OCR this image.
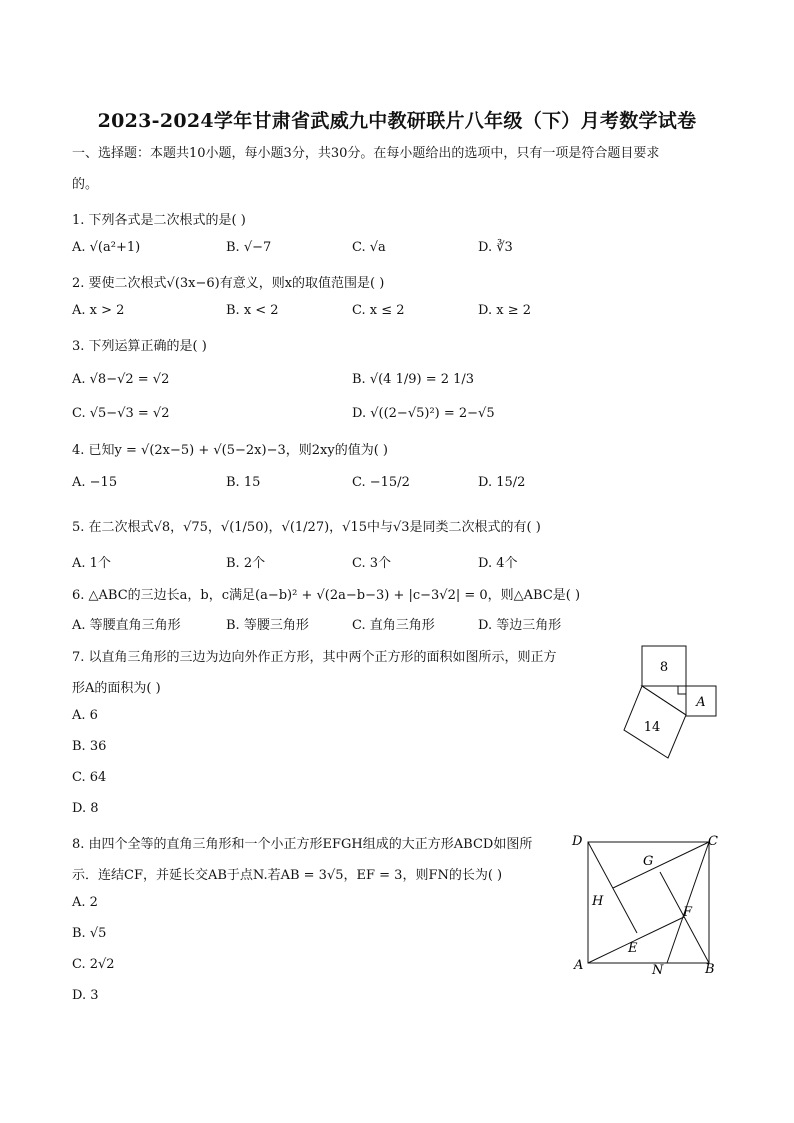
2023-2024学年甘肃省武威九中教研联片八年级（下）月考数学试卷
一、选择题：本题共10小题，每小题3分，共30分。在每小题给出的选项中，只有一项是符合题目要求
的。
1. 下列各式是二次根式的是( )
A. √(a²+1)	B. √−7	C. √a	D. ∛3
2. 要使二次根式√(3x−6)有意义，则x的取值范围是( )
A. x > 2	B. x < 2	C. x ≤ 2	D. x ≥ 2
3. 下列运算正确的是( )
A. √8−√2 = √2	B. √(4 1/9) = 2 1/3
C. √5−√3 = √2	D. √((2−√5)²) = 2−√5
4. 已知y = √(2x−5) + √(5−2x)−3，则2xy的值为( )
A. −15	B. 15	C. −15/2	D. 15/2
5. 在二次根式√8，√75，√(1/50)，√(1/27)，√15中与√3是同类二次根式的有( )
A. 1个	B. 2个	C. 3个	D. 4个
6. △ABC的三边长a，b，c满足(a−b)² + √(2a−b−3) + |c−3√2| = 0，则△ABC是( )
A. 等腰直角三角形	B. 等腰三角形	C. 直角三角形	D. 等边三角形
7. 以直角三角形的三边为边向外作正方形，其中两个正方形的面积如图所示，则正方
形A的面积为( )
A. 6
B. 36
C. 64
D. 8
8
14
A
8. 由四个全等的直角三角形和一个小正方形EFGH组成的大正方形ABCD如图所
示．连结CF，并延长交AB于点N.若AB = 3√5，EF = 3，则FN的长为( )
A. 2
B. √5
C. 2√2
D. 3
D	C
G
H
F
E
A	N	B
